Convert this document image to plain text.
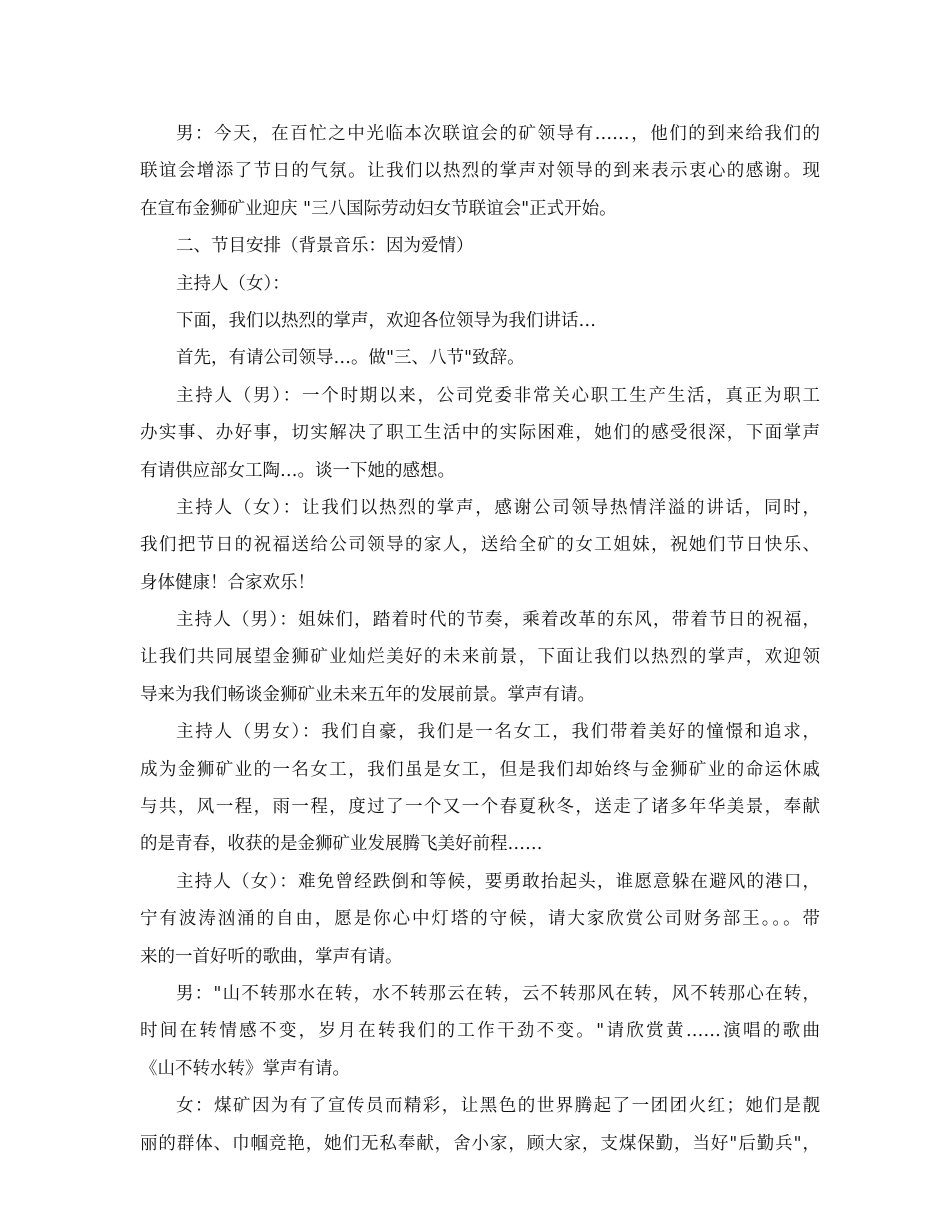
男：今天，在百忙之中光临本次联谊会的矿领导有……，他们的到来给我们的
联谊会增添了节日的气氛。让我们以热烈的掌声对领导的到来表示衷心的感谢。现
在宣布金狮矿业迎庆 "三八国际劳动妇女节联谊会"正式开始。
二、节目安排（背景音乐：因为爱情）
主持人（女）：
下面，我们以热烈的掌声，欢迎各位领导为我们讲话…
首先，有请公司领导…。做"三、八节"致辞。
主持人（男）：一个时期以来，公司党委非常关心职工生产生活，真正为职工
办实事、办好事，切实解决了职工生活中的实际困难，她们的感受很深，下面掌声
有请供应部女工陶…。谈一下她的感想。
主持人（女）：让我们以热烈的掌声，感谢公司领导热情洋溢的讲话，同时，
我们把节日的祝福送给公司领导的家人，送给全矿的女工姐妹，祝她们节日快乐、
身体健康！合家欢乐！
主持人（男）：姐妹们，踏着时代的节奏，乘着改革的东风，带着节日的祝福，
让我们共同展望金狮矿业灿烂美好的未来前景，下面让我们以热烈的掌声，欢迎领
导来为我们畅谈金狮矿业未来五年的发展前景。掌声有请。
主持人（男女）：我们自豪，我们是一名女工，我们带着美好的憧憬和追求，
成为金狮矿业的一名女工，我们虽是女工，但是我们却始终与金狮矿业的命运休戚
与共，风一程，雨一程，度过了一个又一个春夏秋冬，送走了诸多年华美景，奉献
的是青春，收获的是金狮矿业发展腾飞美好前程……
主持人（女）：难免曾经跌倒和等候，要勇敢抬起头，谁愿意躲在避风的港口，
宁有波涛汹涌的自由，愿是你心中灯塔的守候，请大家欣赏公司财务部王。。。带
来的一首好听的歌曲，掌声有请。
男："山不转那水在转，水不转那云在转，云不转那风在转，风不转那心在转，
时间在转情感不变，岁月在转我们的工作干劲不变。"请欣赏黄……演唱的歌曲
《山不转水转》掌声有请。
女：煤矿因为有了宣传员而精彩，让黑色的世界腾起了一团团火红；她们是靓
丽的群体、巾帼竞艳，她们无私奉献，舍小家，顾大家，支煤保勤，当好"后勤兵"，
